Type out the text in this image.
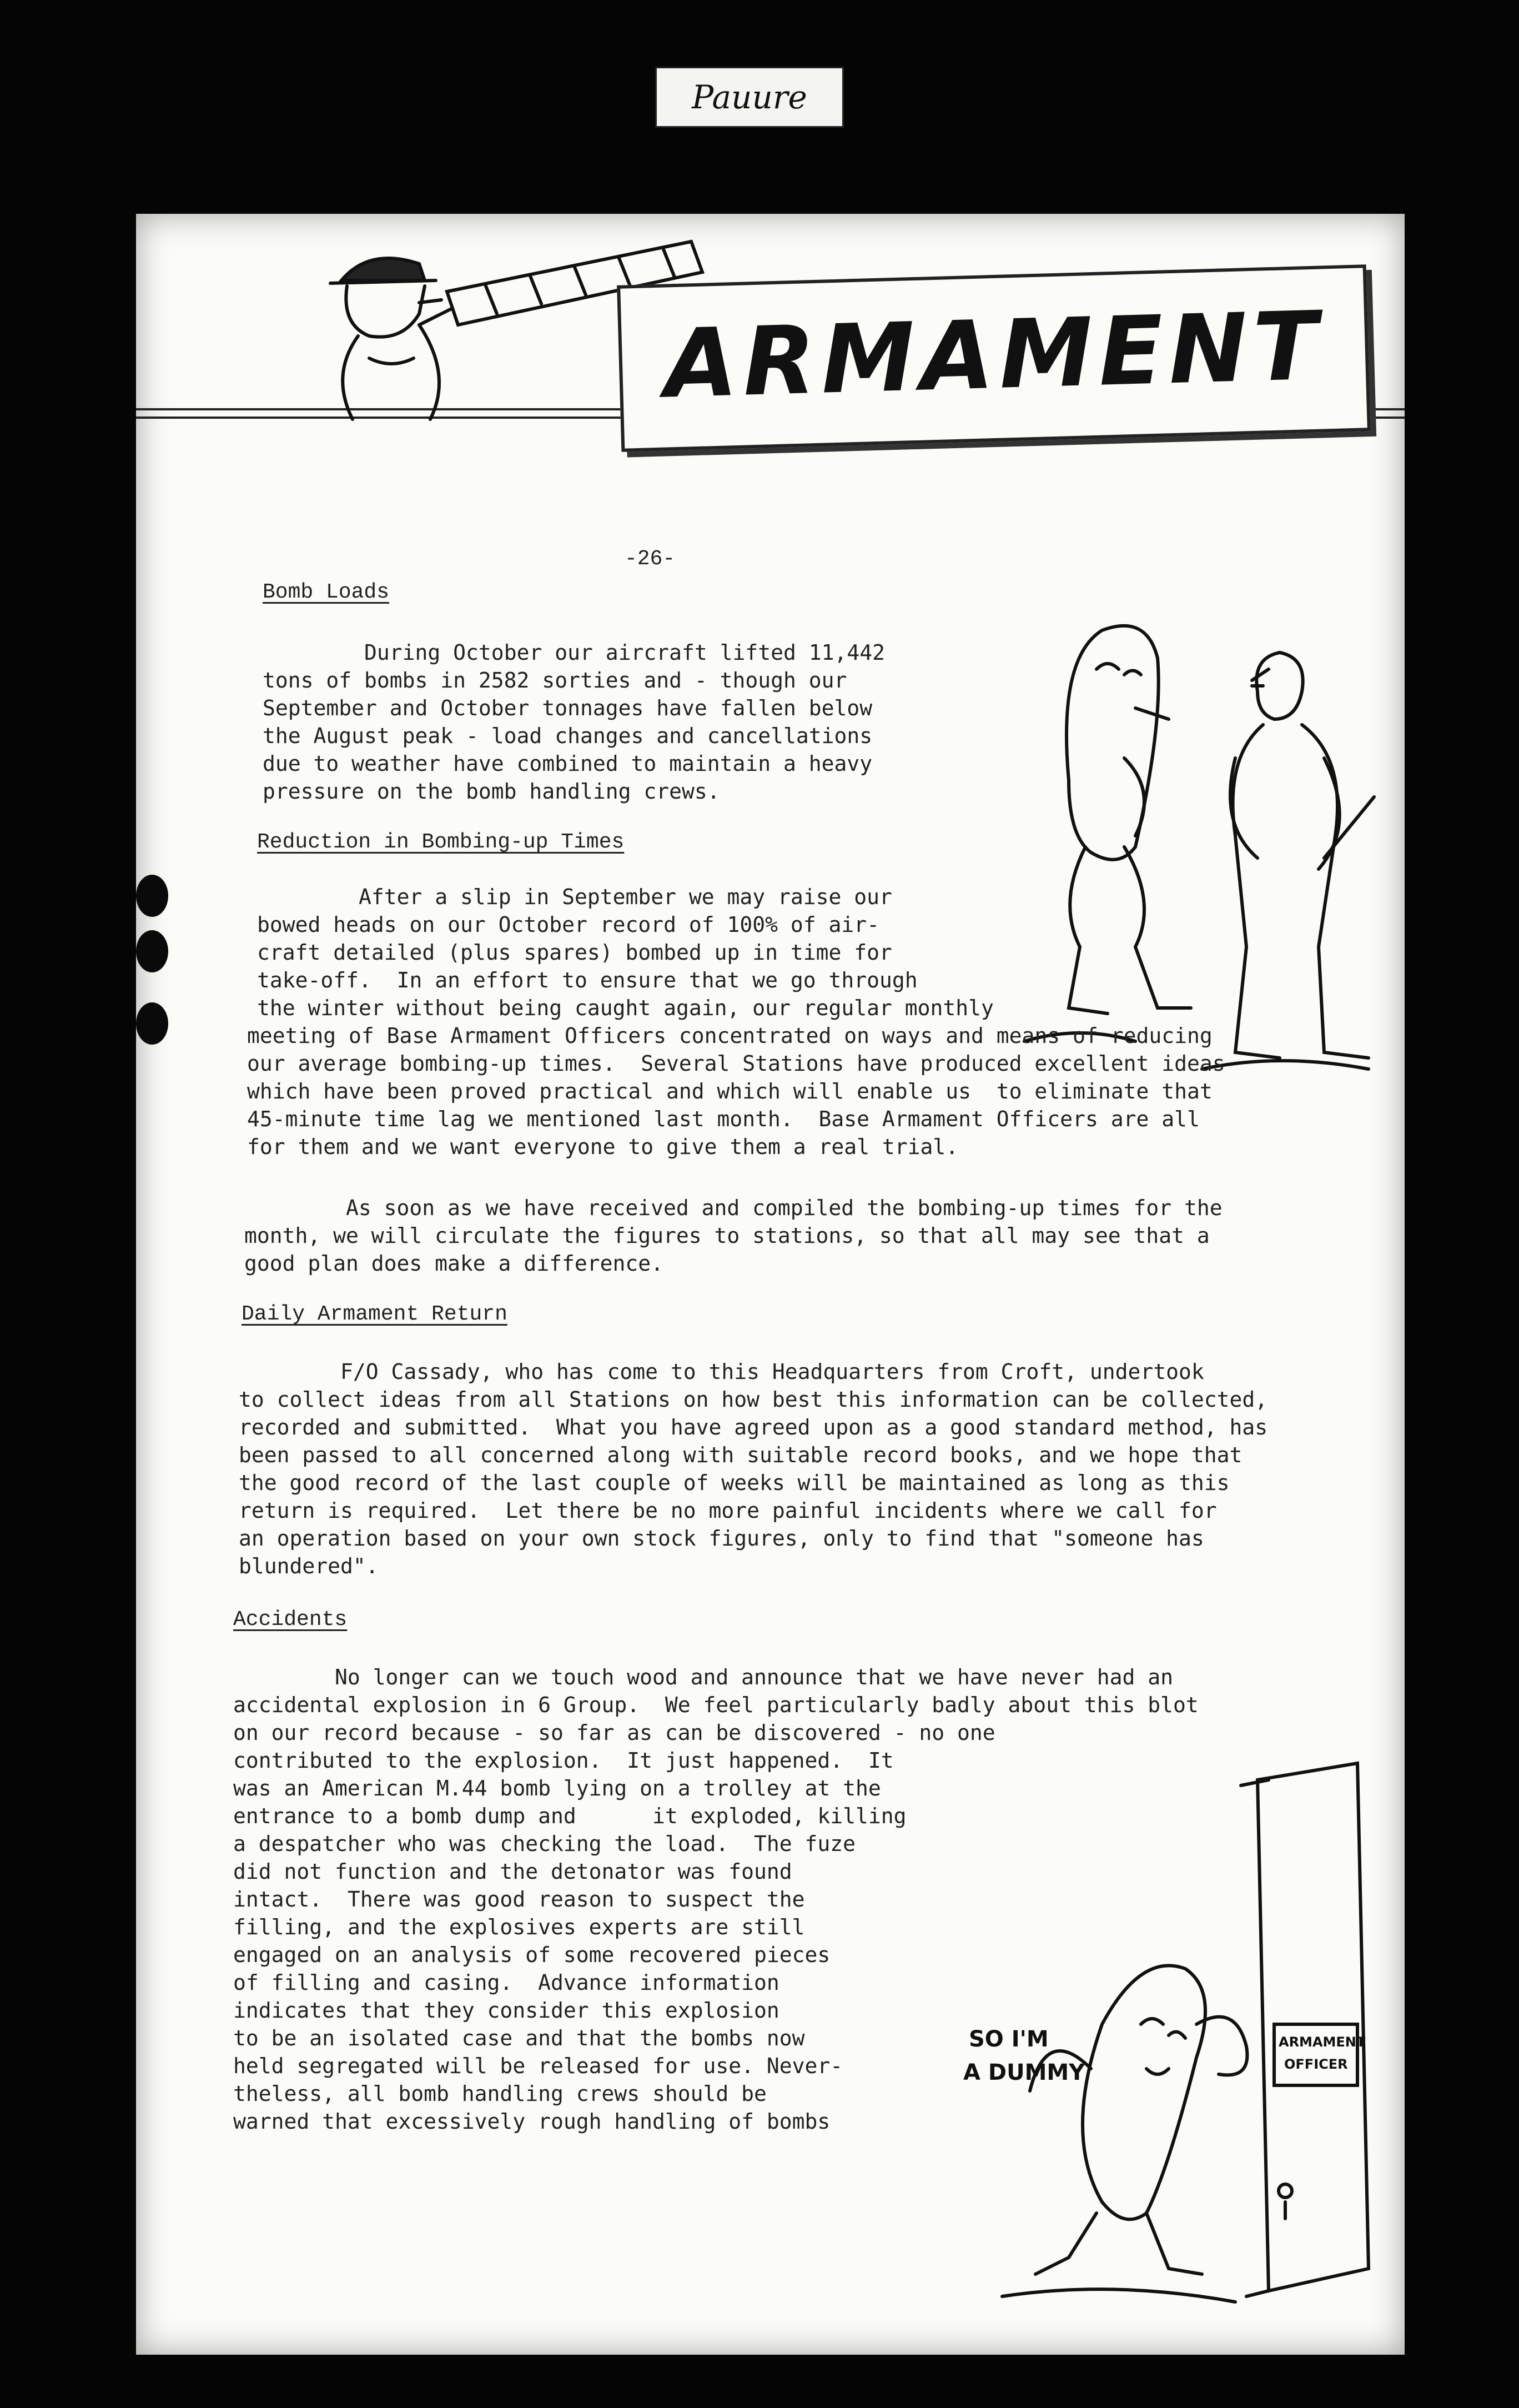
Pauure
ARMAMENT
-26-
Bomb Loads
During October our aircraft lifted 11,442
tons of bombs in 2582 sorties and - though our
September and October tonnages have fallen below
the August peak - load changes and cancellations
due to weather have combined to maintain a heavy
pressure on the bomb handling crews.
Reduction in Bombing-up Times
After a slip in September we may raise our
bowed heads on our October record of 100% of air-
craft detailed (plus spares) bombed up in time for
take-off.  In an effort to ensure that we go through
the winter without being caught again, our regular monthly
meeting of Base Armament Officers concentrated on ways and means of reducing
our average bombing-up times.  Several Stations have produced excellent ideas
which have been proved practical and which will enable us  to eliminate that
45-minute time lag we mentioned last month.  Base Armament Officers are all
for them and we want everyone to give them a real trial.
As soon as we have received and compiled the bombing-up times for the
month, we will circulate the figures to stations, so that all may see that a
good plan does make a difference.
Daily Armament Return
F/O Cassady, who has come to this Headquarters from Croft, undertook
to collect ideas from all Stations on how best this information can be collected,
recorded and submitted.  What you have agreed upon as a good standard method, has
been passed to all concerned along with suitable record books, and we hope that
the good record of the last couple of weeks will be maintained as long as this
return is required.  Let there be no more painful incidents where we call for
an operation based on your own stock figures, only to find that "someone has
blundered".
Accidents
No longer can we touch wood and announce that we have never had an
accidental explosion in 6 Group.  We feel particularly badly about this blot
on our record because - so far as can be discovered - no one
contributed to the explosion.  It just happened.  It
was an American M.44 bomb lying on a trolley at the
entrance to a bomb dump and      it exploded, killing
a despatcher who was checking the load.  The fuze
did not function and the detonator was found
intact.  There was good reason to suspect the
filling, and the explosives experts are still
engaged on an analysis of some recovered pieces
of filling and casing.  Advance information
indicates that they consider this explosion
to be an isolated case and that the bombs now
held segregated will be released for use. Never-
theless, all bomb handling crews should be
warned that excessively rough handling of bombs
SO I'M
A DUMMY
ARMAMENT
OFFICER
